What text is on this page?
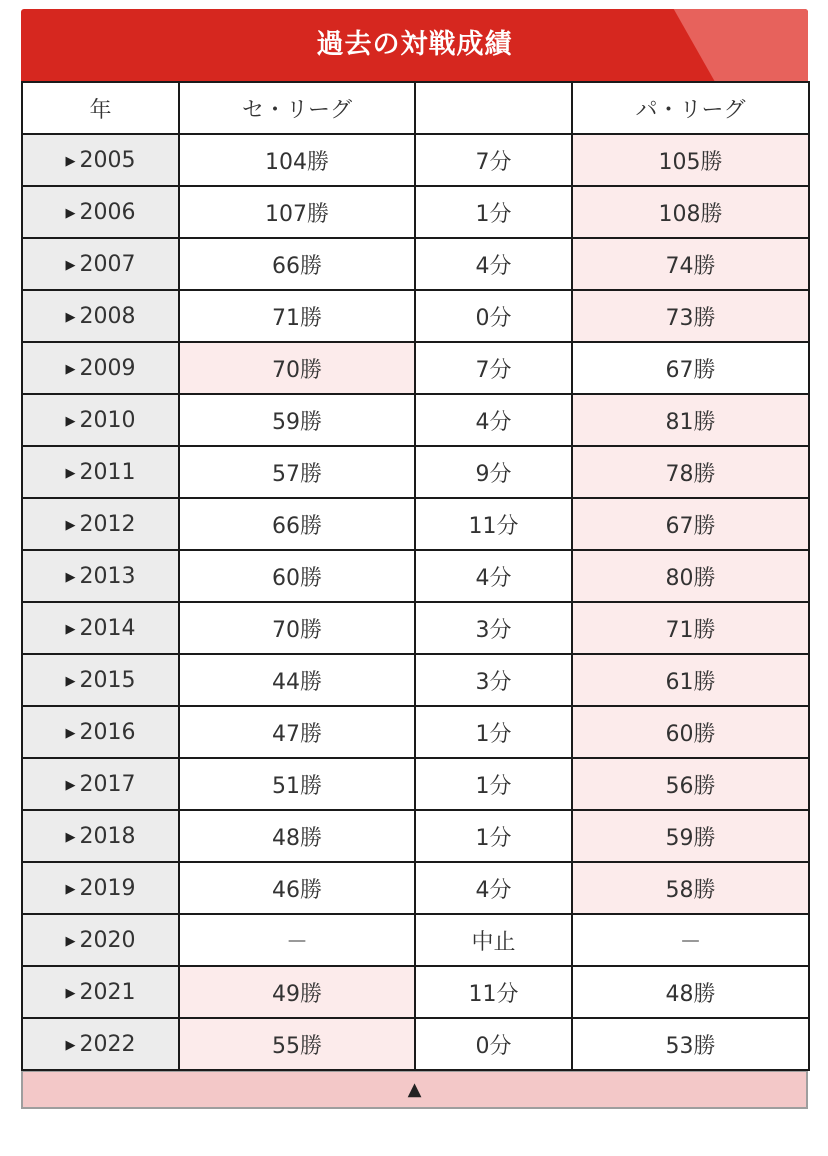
過去の対戦成績
年	セ・リーグ		パ・リーグ
▶ 2005	104勝	7分	105勝
▶ 2006	107勝	1分	108勝
▶ 2007	66勝	4分	74勝
▶ 2008	71勝	0分	73勝
▶ 2009	70勝	7分	67勝
▶ 2010	59勝	4分	81勝
▶ 2011	57勝	9分	78勝
▶ 2012	66勝	11分	67勝
▶ 2013	60勝	4分	80勝
▶ 2014	70勝	3分	71勝
▶ 2015	44勝	3分	61勝
▶ 2016	47勝	1分	60勝
▶ 2017	51勝	1分	56勝
▶ 2018	48勝	1分	59勝
▶ 2019	46勝	4分	58勝
▶ 2020	－	中止	－
▶ 2021	49勝	11分	48勝
▶ 2022	55勝	0分	53勝
▲
